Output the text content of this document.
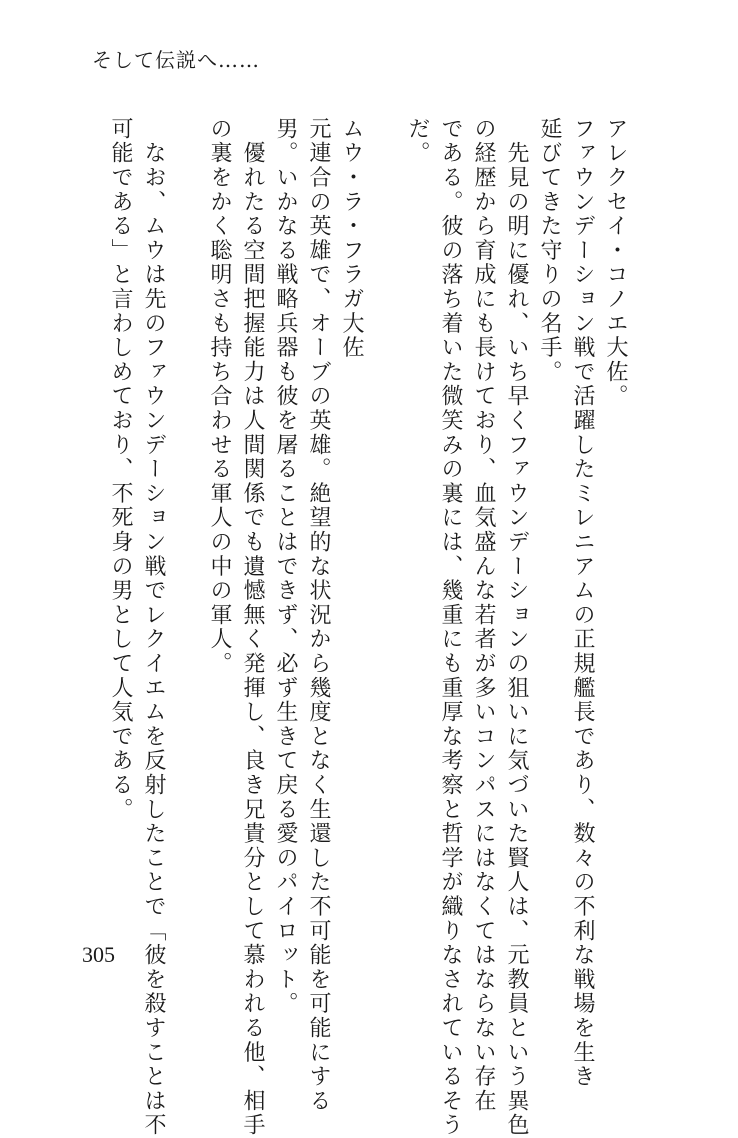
そして伝説へ……
アレクセイ・コノエ大佐。
ファウンデーション戦で活躍したミレニアムの正規艦長であり、数々の不利な戦場を生き
延びてきた守りの名手。
　先見の明に優れ、いち早くファウンデーションの狙いに気づいた賢人は、元教員という異色
の経歴から育成にも長けており、血気盛んな若者が多いコンパスにはなくてはならない存在
である。彼の落ち着いた微笑みの裏には、幾重にも重厚な考察と哲学が織りなされているそう
だ。
ムウ・ラ・フラガ大佐
元連合の英雄で、オーブの英雄。絶望的な状況から幾度となく生還した不可能を可能にする
男。いかなる戦略兵器も彼を屠ることはできず、必ず生きて戻る愛のパイロット。
　優れたる空間把握能力は人間関係でも遺憾無く発揮し、良き兄貴分として慕われる他、相手
の裏をかく聡明さも持ち合わせる軍人の中の軍人。
　なお、ムウは先のファウンデーション戦でレクイエムを反射したことで「彼を殺すことは不
可能である」と言わしめており、不死身の男として人気である。
305
